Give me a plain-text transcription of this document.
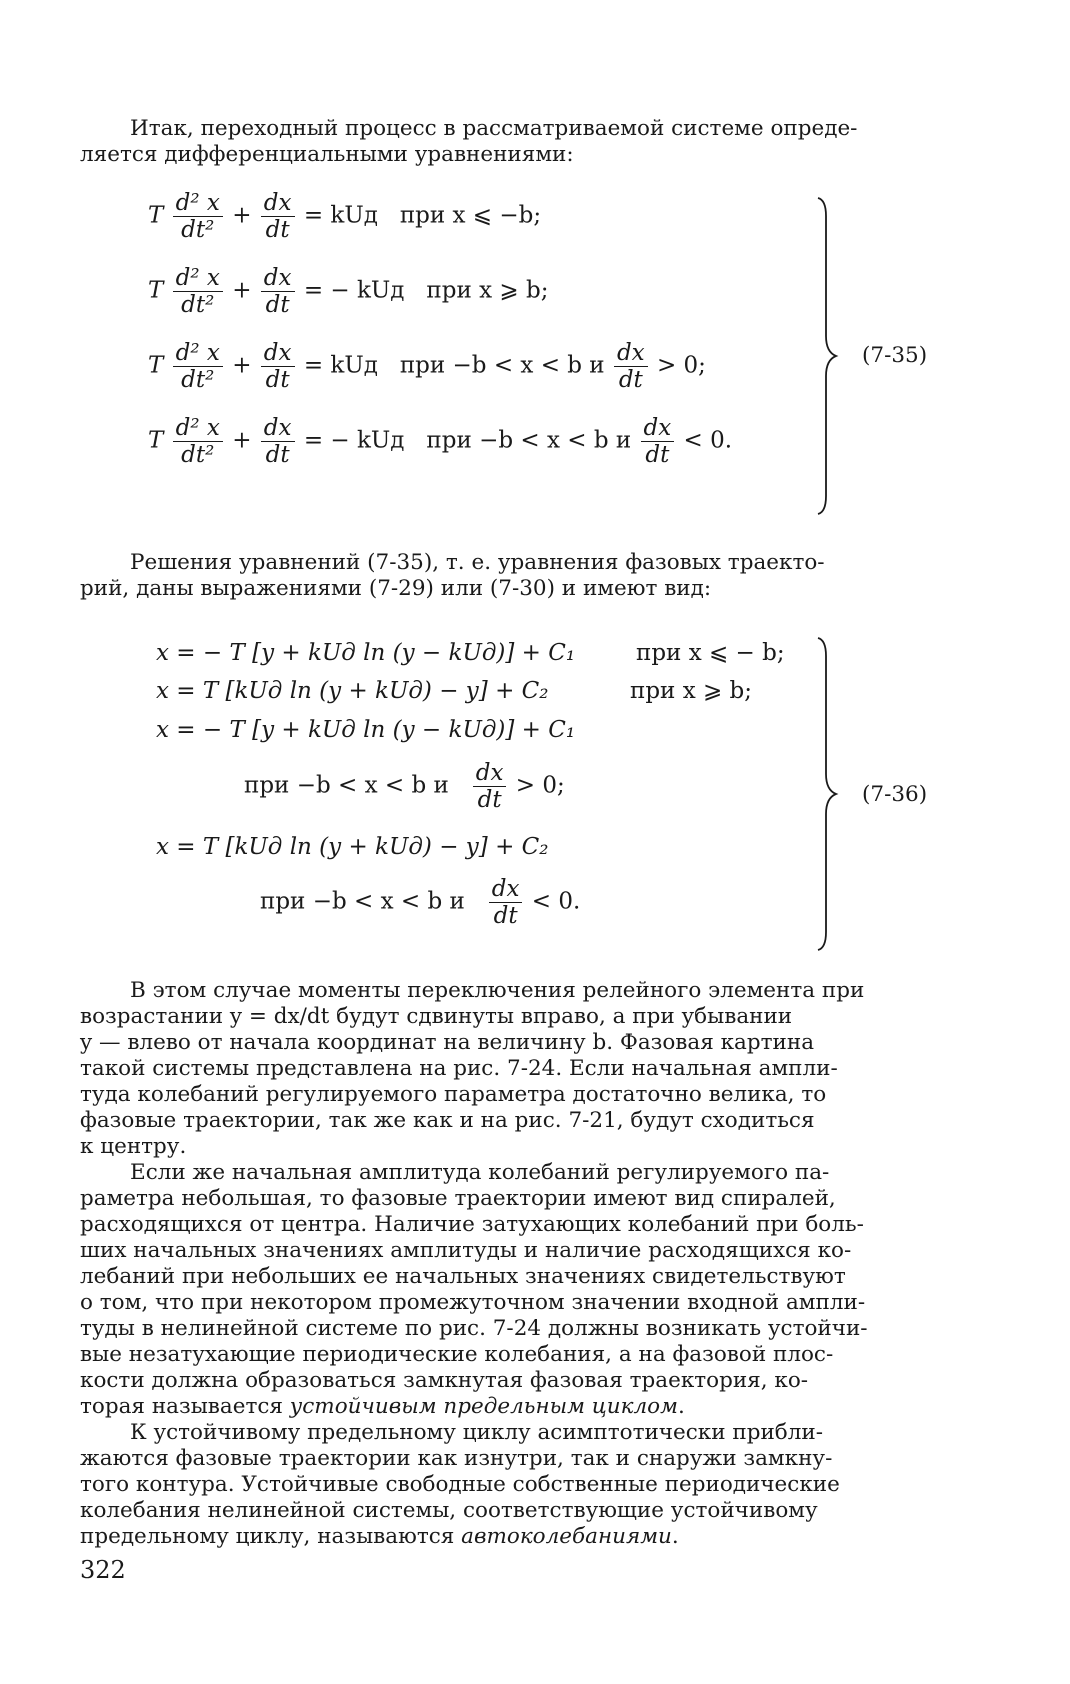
Итак, переходный процесс в рассматриваемой системе опреде-
ляется дифференциальными уравнениями:
T $\frac{\text{d² x}}{\text{dt²}} + \frac{dx}{dt}$ = kUд при x ⩽ −b;
T $\frac{\text{d² x}}{\text{dt²}} + \frac{dx}{dt}$ = − kUд при x ⩾ b;
T $\frac{\text{d² x}}{\text{dt²}} + \frac{dx}{dt}$ = kUд при −b < x < b и $\frac{dx}{dt} > 0$;
T $\frac{\text{d² x}}{\text{dt²}} + \frac{dx}{dt}$ = − kUд при −b < x < b и $\frac{dx}{dt} < 0$.
(7-35)
Решения уравнений (7-35), т. е. уравнения фазовых траекто-
рий, даны выражениями (7-29) или (7-30) и имеют вид:
x = − T [y + kUд ln (y − kUд)] + C₁	при x ⩽ − b;
x = T [kUд ln (y + kUд) − y] + C₂	при x ⩾ b;
x = − T [y + kUд ln (y − kUд)] + C₁
при −b < x < b и $\frac{dx}{dt} > 0$;
x = T [kUд ln (y + kUд) − y] + C₂
при −b < x < b и $\frac{dx}{dt} < 0$.
(7-36)
В этом случае моменты переключения релейного элемента при
возрастании y = dx/dt будут сдвинуты вправо, а при убывании
y — влево от начала координат на величину b. Фазовая картина
такой системы представлена на рис. 7-24. Если начальная ампли-
туда колебаний регулируемого параметра достаточно велика, то
фазовые траектории, так же как и на рис. 7-21, будут сходиться
к центру.
Если же начальная амплитуда колебаний регулируемого па-
раметра небольшая, то фазовые траектории имеют вид спиралей,
расходящихся от центра. Наличие затухающих колебаний при боль-
ших начальных значениях амплитуды и наличие расходящихся ко-
лебаний при небольших ее начальных значениях свидетельствуют
о том, что при некотором промежуточном значении входной ампли-
туды в нелинейной системе по рис. 7-24 должны возникать устойчи-
вые незатухающие периодические колебания, а на фазовой плос-
кости должна образоваться замкнутая фазовая траектория, ко-
торая называется устойчивым предельным циклом.
К устойчивому предельному циклу асимптотически прибли-
жаются фазовые траектории как изнутри, так и снаружи замкну-
того контура. Устойчивые свободные собственные периодические
колебания нелинейной системы, соответствующие устойчивому
предельному циклу, называются автоколебаниями.
322
